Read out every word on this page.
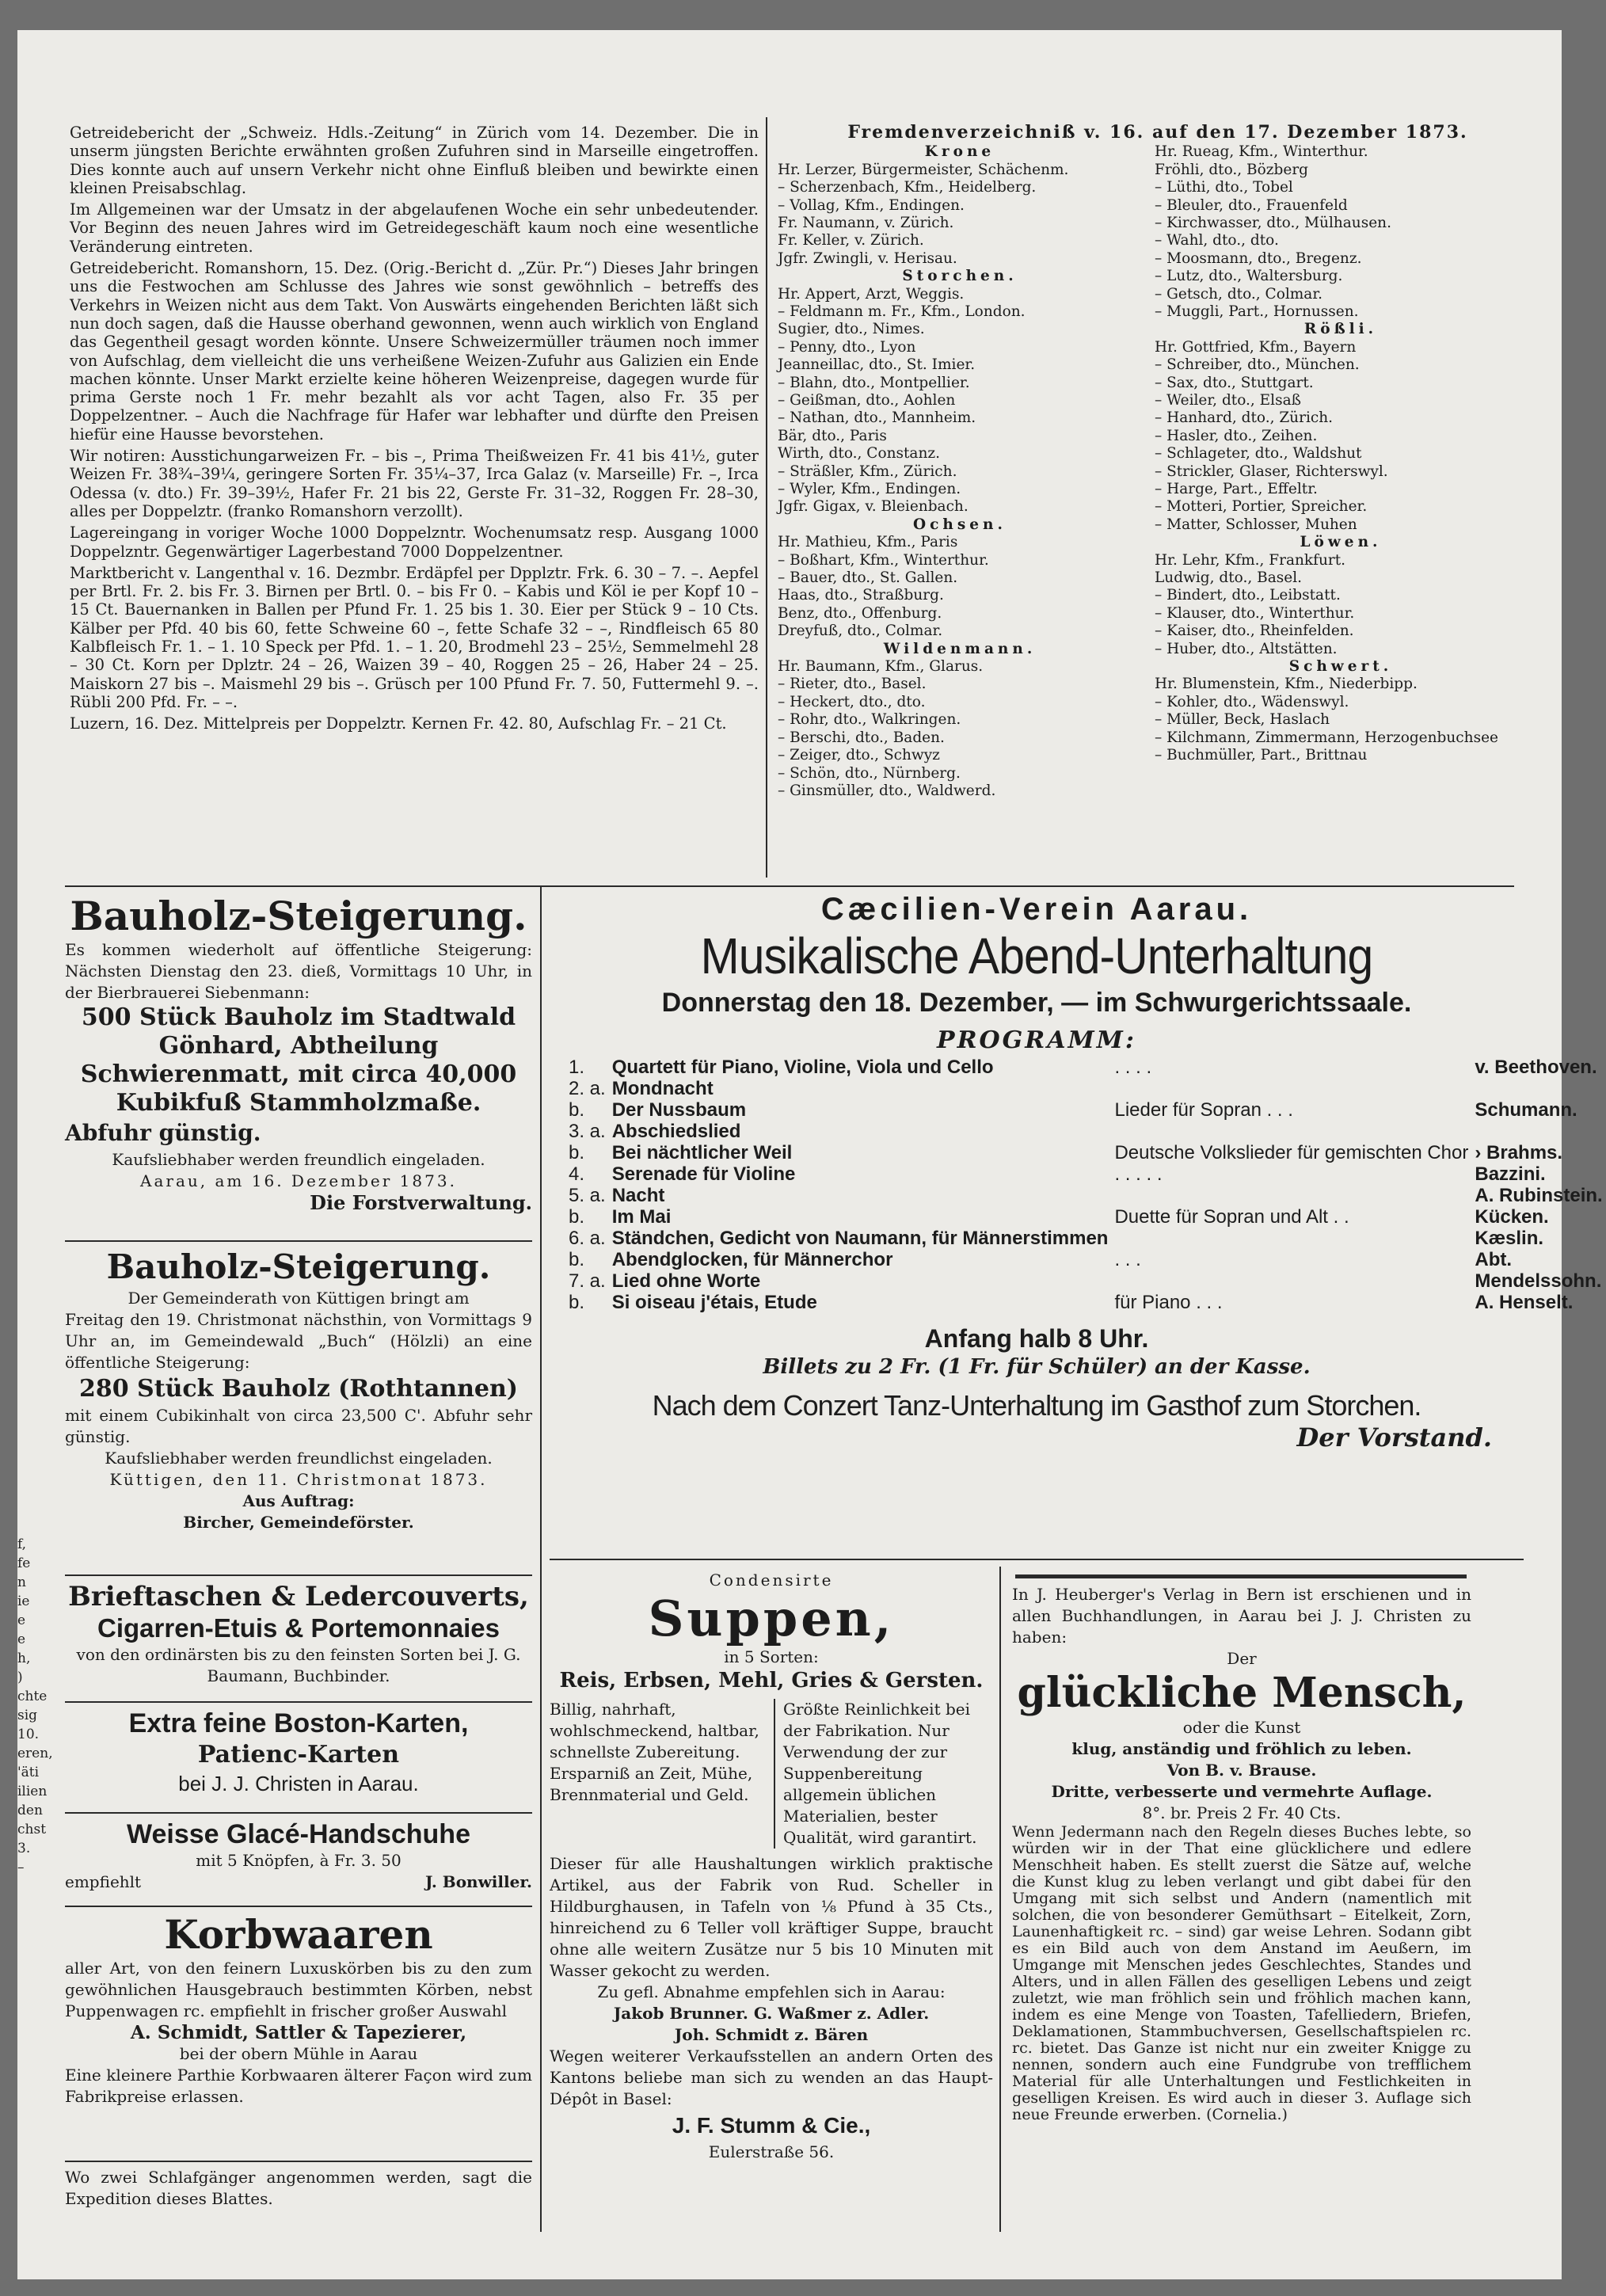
Getreidebericht der „Schweiz. Hdls.-Zeitung“ in Zürich vom 14. Dezember. Die in unserm jüngsten Berichte erwähnten großen Zufuhren sind in Marseille eingetroffen. Dies konnte auch auf unsern Verkehr nicht ohne Einfluß bleiben und bewirkte einen kleinen Preisabschlag.

Im Allgemeinen war der Umsatz in der abgelaufenen Woche ein sehr unbedeutender. Vor Beginn des neuen Jahres wird im Getreidegeschäft kaum noch eine wesentliche Veränderung eintreten.

Getreidebericht. Romanshorn, 15. Dez. (Orig.-Bericht d. „Zür. Pr.“) Dieses Jahr bringen uns die Festwochen am Schlusse des Jahres wie sonst gewöhnlich – betreffs des Verkehrs in Weizen nicht aus dem Takt. Von Auswärts eingehenden Berichten läßt sich nun doch sagen, daß die Hausse oberhand gewonnen, wenn auch wirklich von England das Gegentheil gesagt worden könnte. Unsere Schweizermüller träumen noch immer von Aufschlag, dem vielleicht die uns verheißene Weizen-Zufuhr aus Galizien ein Ende machen könnte. Unser Markt erzielte keine höheren Weizenpreise, dagegen wurde für prima Gerste noch 1 Fr. mehr bezahlt als vor acht Tagen, also Fr. 35 per Doppelzentner. – Auch die Nachfrage für Hafer war lebhafter und dürfte den Preisen hiefür eine Hausse bevorstehen.

Wir notiren: Ausstichungarweizen Fr. – bis –, Prima Theißweizen Fr. 41 bis 41½, guter Weizen Fr. 38¾–39¼, geringere Sorten Fr. 35¼–37, Irca Galaz (v. Marseille) Fr. –, Irca Odessa (v. dto.) Fr. 39–39½, Hafer Fr. 21 bis 22, Gerste Fr. 31–32, Roggen Fr. 28–30, alles per Doppelztr. (franko Romanshorn verzollt).

Lagereingang in voriger Woche 1000 Doppelzntr. Wochenumsatz resp. Ausgang 1000 Doppelzntr. Gegenwärtiger Lagerbestand 7000 Doppelzentner.

Marktbericht v. Langenthal v. 16. Dezmbr. Erdäpfel per Dpplztr. Frk. 6. 30 – 7. –. Aepfel per Brtl. Fr. 2. bis Fr. 3. Birnen per Brtl. 0. – bis Fr 0. – Kabis und Köl ie per Kopf 10 – 15 Ct. Bauernanken in Ballen per Pfund Fr. 1. 25 bis 1. 30. Eier per Stück 9 – 10 Cts. Kälber per Pfd. 40 bis 60, fette Schweine 60 –, fette Schafe 32 – –, Rindfleisch 65 80 Kalbfleisch Fr. 1. – 1. 10 Speck per Pfd. 1. – 1. 20, Brodmehl 23 – 25½, Semmelmehl 28 – 30 Ct. Korn per Dplztr. 24 – 26, Waizen 39 – 40, Roggen 25 – 26, Haber 24 – 25. Maiskorn 27 bis –. Maismehl 29 bis –. Grüsch per 100 Pfund Fr. 7. 50, Futtermehl 9. –. Rübli 200 Pfd. Fr. – –.

Luzern, 16. Dez. Mittelpreis per Doppelztr. Kernen Fr. 42. 80, Aufschlag Fr. – 21 Ct.

Fremdenverzeichniß v. 16. auf den 17. Dezember 1873.
Krone
Hr. Lerzer, Bürgermeister, Schächenm.
– Scherzenbach, Kfm., Heidelberg.
– Vollag, Kfm., Endingen.
Fr. Naumann, v. Zürich.
Fr. Keller, v. Zürich.
Jgfr. Zwingli, v. Herisau.
Storchen.
Hr. Appert, Arzt, Weggis.
– Feldmann m. Fr., Kfm., London.
Sugier, dto., Nimes.
– Penny, dto., Lyon
Jeanneillac, dto., St. Imier.
– Blahn, dto., Montpellier.
– Geißman, dto., Aohlen
– Nathan, dto., Mannheim.
Bär, dto., Paris
Wirth, dto., Constanz.
– Sträßler, Kfm., Zürich.
– Wyler, Kfm., Endingen.
Jgfr. Gigax, v. Bleienbach.
Ochsen.
Hr. Mathieu, Kfm., Paris
– Boßhart, Kfm., Winterthur.
– Bauer, dto., St. Gallen.
Haas, dto., Straßburg.
Benz, dto., Offenburg.
Dreyfuß, dto., Colmar.
Wildenmann.
Hr. Baumann, Kfm., Glarus.
– Rieter, dto., Basel.
– Heckert, dto., dto.
– Rohr, dto., Walkringen.
– Berschi, dto., Baden.
– Zeiger, dto., Schwyz
– Schön, dto., Nürnberg.
– Ginsmüller, dto., Waldwerd.
Hr. Rueag, Kfm., Winterthur.
Fröhli, dto., Bözberg
– Lüthi, dto., Tobel
– Bleuler, dto., Frauenfeld
– Kirchwasser, dto., Mülhausen.
– Wahl, dto., dto.
– Moosmann, dto., Bregenz.
– Lutz, dto., Waltersburg.
– Getsch, dto., Colmar.
– Muggli, Part., Hornussen.
Rößli.
Hr. Gottfried, Kfm., Bayern
– Schreiber, dto., München.
– Sax, dto., Stuttgart.
– Weiler, dto., Elsaß
– Hanhard, dto., Zürich.
– Hasler, dto., Zeihen.
– Schlageter, dto., Waldshut
– Strickler, Glaser, Richterswyl.
– Harge, Part., Effeltr.
– Motteri, Portier, Spreicher.
– Matter, Schlosser, Muhen
Löwen.
Hr. Lehr, Kfm., Frankfurt.
Ludwig, dto., Basel.
– Bindert, dto., Leibstatt.
– Klauser, dto., Winterthur.
– Kaiser, dto., Rheinfelden.
– Huber, dto., Altstätten.
Schwert.
Hr. Blumenstein, Kfm., Niederbipp.
– Kohler, dto., Wädenswyl.
– Müller, Beck, Haslach
– Kilchmann, Zimmermann, Herzogenbuchsee
– Buchmüller, Part., Brittnau
Bauholz-Steigerung.
Es kommen wiederholt auf öffentliche Steigerung: Nächsten Dienstag den 23. dieß, Vormittags 10 Uhr, in der Bierbrauerei Siebenmann:
500 Stück Bauholz im Stadtwald Gönhard, Abtheilung Schwierenmatt, mit circa 40,000 Kubikfuß Stammholzmaße.
Abfuhr günstig.
Kaufsliebhaber werden freundlich eingeladen.
Aarau, am 16. Dezember 1873.
Die Forstverwaltung.
Bauholz-Steigerung.
Der Gemeinderath von Küttigen bringt am
Freitag den 19. Christmonat nächsthin, von Vormittags 9 Uhr an, im Gemeindewald „Buch“ (Hölzli) an eine öffentliche Steigerung:
280 Stück Bauholz (Rothtannen)
mit einem Cubikinhalt von circa 23,500 C'. Abfuhr sehr günstig.
Kaufsliebhaber werden freundlichst eingeladen.
Küttigen, den 11. Christmonat 1873.
Aus Auftrag:
Bircher, Gemeindeförster.
Brieftaschen & Ledercouverts,
Cigarren-Etuis & Portemonnaies
von den ordinärsten bis zu den feinsten Sorten bei J. G. Baumann, Buchbinder.
Extra feine Boston-Karten,
Patienc-Karten
bei J. J. Christen in Aarau.
Weisse Glacé-Handschuhe
mit 5 Knöpfen, à Fr. 3. 50
empfiehlt	J. Bonwiller.
Korbwaaren
aller Art, von den feinern Luxuskörben bis zu den zum gewöhnlichen Hausgebrauch bestimmten Körben, nebst Puppenwagen rc. empfiehlt in frischer großer Auswahl
A. Schmidt, Sattler & Tapezierer,
bei der obern Mühle in Aarau
Eine kleinere Parthie Korbwaaren älterer Façon wird zum Fabrikpreise erlassen.
Wo zwei Schlafgänger angenommen werden, sagt die Expedition dieses Blattes.
Cæcilien-Verein Aarau.
Musikalische Abend-Unterhaltung
Donnerstag den 18. Dezember, — im Schwurgerichtssaale.
PROGRAMM:
1.	Quartett für Piano, Violine, Viola und Cello	. . . .	v. Beethoven.
2. a.	Mondnacht		
b.	Der Nussbaum	Lieder für Sopran . . .	Schumann.
3. a.	Abschiedslied		
b.	Bei nächtlicher Weil	Deutsche Volkslieder für gemischten Chor	› Brahms.
4.	Serenade für Violine	. . . . .	Bazzini.
5. a.	Nacht		A. Rubinstein.
b.	Im Mai	Duette für Sopran und Alt . .	Kücken.
6. a.	Ständchen, Gedicht von Naumann, für Männerstimmen		Kæslin.
b.	Abendglocken, für Männerchor	. . .	Abt.
7. a.	Lied ohne Worte		Mendelssohn.
b.	Si oiseau j'étais, Etude	für Piano . . .	A. Henselt.
Anfang halb 8 Uhr.
Billets zu 2 Fr. (1 Fr. für Schüler) an der Kasse.
Nach dem Conzert Tanz-Unterhaltung im Gasthof zum Storchen.
Der Vorstand.
Condensirte
Suppen,
in 5 Sorten:
Reis, Erbsen, Mehl, Gries & Gersten.
Billig, nahrhaft, wohlschmeckend, haltbar, schnellste Zubereitung. Ersparniß an Zeit, Mühe, Brennmaterial und Geld.
Größte Reinlichkeit bei der Fabrikation. Nur Verwendung der zur Suppenbereitung allgemein üblichen Materialien, bester Qualität, wird garantirt.
Dieser für alle Haushaltungen wirklich praktische Artikel, aus der Fabrik von Rud. Scheller in Hildburghausen, in Tafeln von ⅛ Pfund à 35 Cts., hinreichend zu 6 Teller voll kräftiger Suppe, braucht ohne alle weitern Zusätze nur 5 bis 10 Minuten mit Wasser gekocht zu werden.
Zu gefl. Abnahme empfehlen sich in Aarau:
Jakob Brunner. G. Waßmer z. Adler.
Joh. Schmidt z. Bären
Wegen weiterer Verkaufsstellen an andern Orten des Kantons beliebe man sich zu wenden an das Haupt-Dépôt in Basel:
J. F. Stumm & Cie.,
Eulerstraße 56.
In J. Heuberger's Verlag in Bern ist erschienen und in allen Buchhandlungen, in Aarau bei J. J. Christen zu haben:
Der
glückliche Mensch,
oder die Kunst
klug, anständig und fröhlich zu leben.
Von B. v. Brause.
Dritte, verbesserte und vermehrte Auflage.
8°. br. Preis 2 Fr. 40 Cts.
Wenn Jedermann nach den Regeln dieses Buches lebte, so würden wir in der That eine glücklichere und edlere Menschheit haben. Es stellt zuerst die Sätze auf, welche die Kunst klug zu leben verlangt und gibt dabei für den Umgang mit sich selbst und Andern (namentlich mit solchen, die von besonderer Gemüthsart – Eitelkeit, Zorn, Launenhaftigkeit rc. – sind) gar weise Lehren. Sodann gibt es ein Bild auch von dem Anstand im Aeußern, im Umgange mit Menschen jedes Geschlechtes, Standes und Alters, und in allen Fällen des geselligen Lebens und zeigt zuletzt, wie man fröhlich sein und fröhlich machen kann, indem es eine Menge von Toasten, Tafelliedern, Briefen, Deklamationen, Stammbuchversen, Gesellschaftspielen rc. rc. bietet. Das Ganze ist nicht nur ein zweiter Knigge zu nennen, sondern auch eine Fundgrube von trefflichem Material für alle Unterhaltungen und Festlichkeiten in geselligen Kreisen. Es wird auch in dieser 3. Auflage sich neue Freunde erwerben. (Cornelia.)
f, fe n ie e e h, ) chte sig 10. eren, 'äti ilien den chst 3. –
